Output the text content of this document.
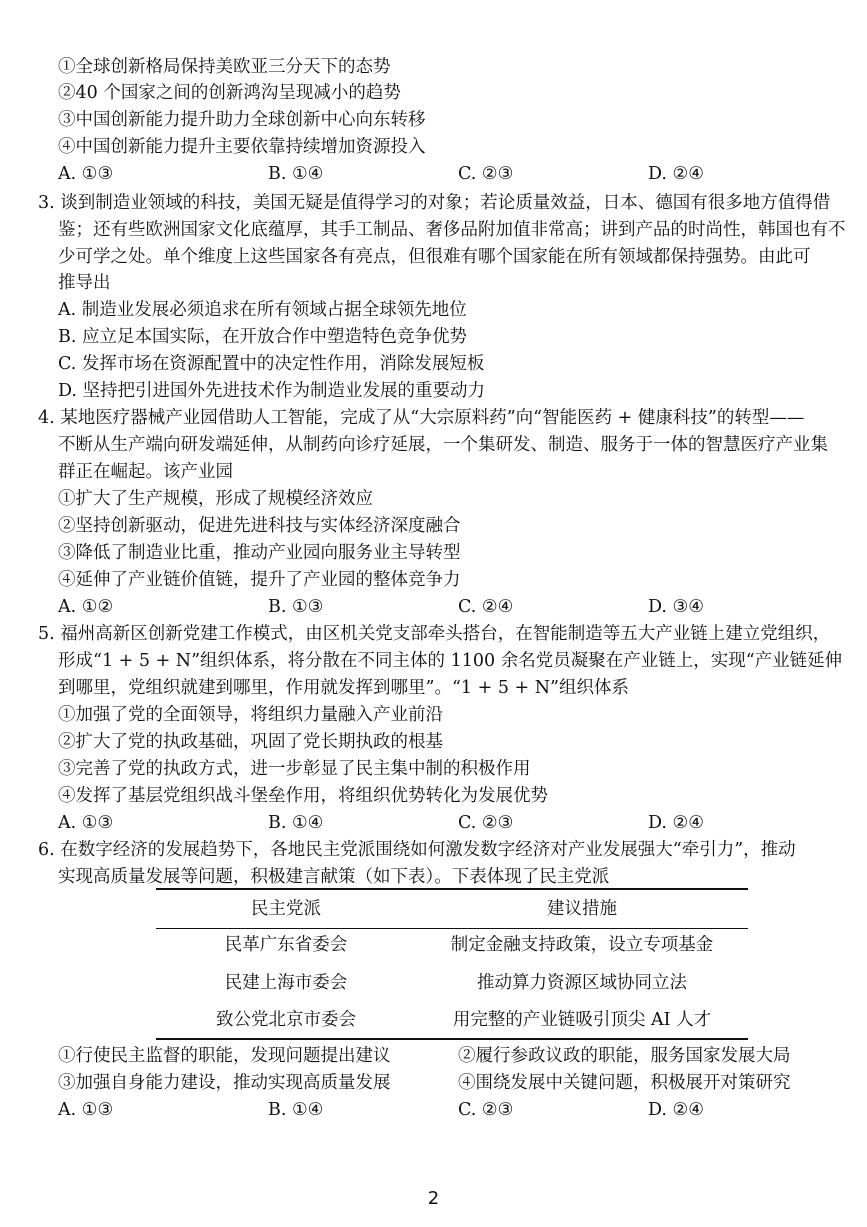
①全球创新格局保持美欧亚三分天下的态势
②40 个国家之间的创新鸿沟呈现减小的趋势
③中国创新能力提升助力全球创新中心向东转移
④中国创新能力提升主要依靠持续增加资源投入
A. ①③	B. ①④	C. ②③	D. ②④
3. 谈到制造业领域的科技，美国无疑是值得学习的对象；若论质量效益，日本、德国有很多地方值得借
鉴；还有些欧洲国家文化底蕴厚，其手工制品、奢侈品附加值非常高；讲到产品的时尚性，韩国也有不
少可学之处。单个维度上这些国家各有亮点，但很难有哪个国家能在所有领域都保持强势。由此可
推导出
A. 制造业发展必须追求在所有领域占据全球领先地位
B. 应立足本国实际，在开放合作中塑造特色竞争优势
C. 发挥市场在资源配置中的决定性作用，消除发展短板
D. 坚持把引进国外先进技术作为制造业发展的重要动力
4. 某地医疗器械产业园借助人工智能，完成了从“大宗原料药”向“智能医药 + 健康科技”的转型——
不断从生产端向研发端延伸，从制药向诊疗延展，一个集研发、制造、服务于一体的智慧医疗产业集
群正在崛起。该产业园
①扩大了生产规模，形成了规模经济效应
②坚持创新驱动，促进先进科技与实体经济深度融合
③降低了制造业比重，推动产业园向服务业主导转型
④延伸了产业链价值链，提升了产业园的整体竞争力
A. ①②	B. ①③	C. ②④	D. ③④
5. 福州高新区创新党建工作模式，由区机关党支部牵头搭台，在智能制造等五大产业链上建立党组织，
形成“1 + 5 + N”组织体系，将分散在不同主体的 1100 余名党员凝聚在产业链上，实现“产业链延伸
到哪里，党组织就建到哪里，作用就发挥到哪里”。“1 + 5 + N”组织体系
①加强了党的全面领导，将组织力量融入产业前沿
②扩大了党的执政基础，巩固了党长期执政的根基
③完善了党的执政方式，进一步彰显了民主集中制的积极作用
④发挥了基层党组织战斗堡垒作用，将组织优势转化为发展优势
A. ①③	B. ①④	C. ②③	D. ②④
6. 在数字经济的发展趋势下，各地民主党派围绕如何激发数字经济对产业发展强大“牵引力”，推动
实现高质量发展等问题，积极建言献策（如下表）。下表体现了民主党派
民主党派	建议措施
民革广东省委会	制定金融支持政策，设立专项基金
民建上海市委会	推动算力资源区域协同立法
致公党北京市委会	用完整的产业链吸引顶尖 AI 人才
①行使民主监督的职能，发现问题提出建议	②履行参政议政的职能，服务国家发展大局
③加强自身能力建设，推动实现高质量发展	④围绕发展中关键问题，积极展开对策研究
A. ①③	B. ①④	C. ②③	D. ②④
2
